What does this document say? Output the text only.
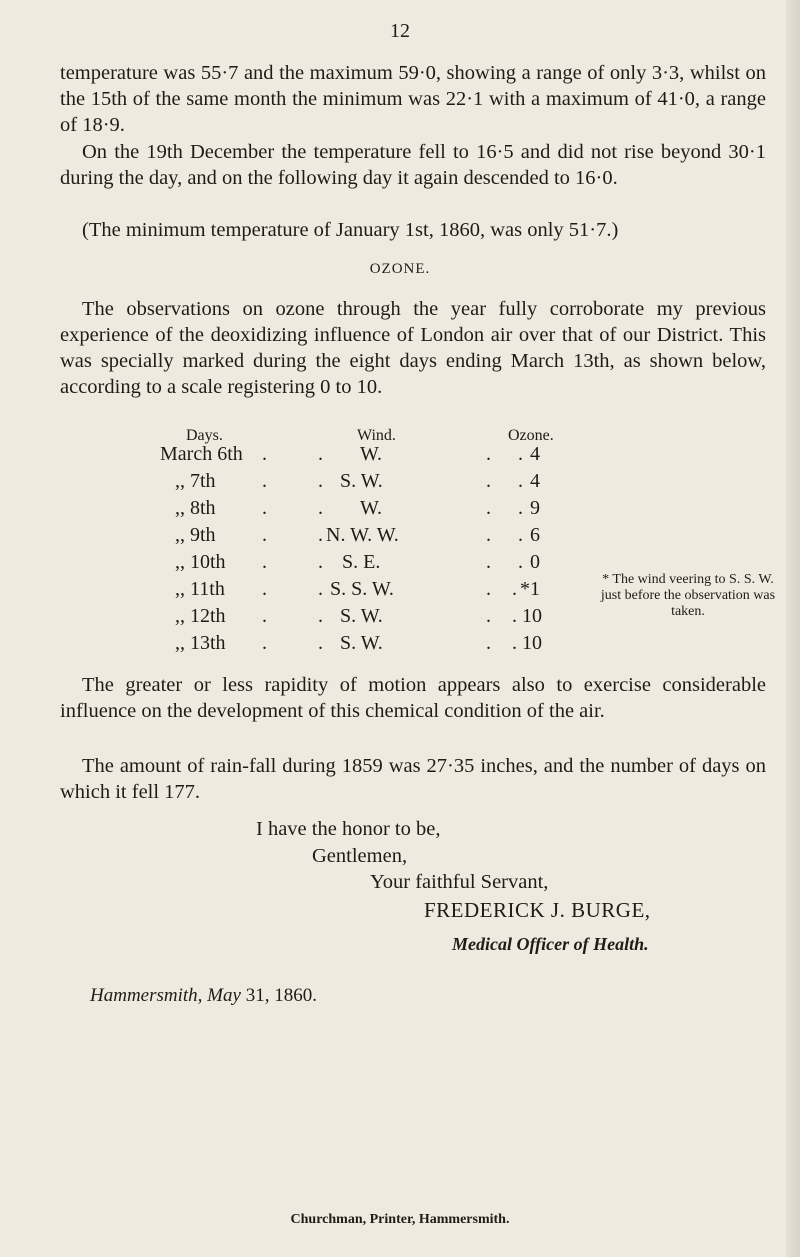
12

temperature was 55·7 and the maximum 59·0, showing a range of only 3·3, whilst on the 15th of the same month the minimum was 22·1 with a maximum of 41·0, a range of 18·9.

On the 19th December the temperature fell to 16·5 and did not rise beyond 30·1 during the day, and on the following day it again descended to 16·0.

(The minimum temperature of January 1st, 1860, was only 51·7.)

OZONE.

The observations on ozone through the year fully corroborate my previous experience of the deoxidizing influence of London air over that of our District. This was specially marked during the eight days ending March 13th, as shown below, according to a scale registering 0 to 10.

Days.	Wind.	Ozone.
March 6th .	. W.	. . 4
,, 7th .	. S. W.	. . 4
,, 8th .	. W.	. . 9
,, 9th .	. N. W. W.	. . 6
,, 10th .	. S. E.	. . 0
,, 11th .	. S. S. W.	. . *1
,, 12th .	. S. W.	. . 10
,, 13th .	. S. W.	. . 10
* The wind veering to S. S. W. just before the observation was taken.

The greater or less rapidity of motion appears also to exercise considerable influence on the development of this chemical condition of the air.

The amount of rain-fall during 1859 was 27·35 inches, and the number of days on which it fell 177.

I have the honor to be,
Gentlemen,
Your faithful Servant,
FREDERICK J. BURGE,
Medical Officer of Health.
Hammersmith, May 31, 1860.
Churchman, Printer, Hammersmith.
